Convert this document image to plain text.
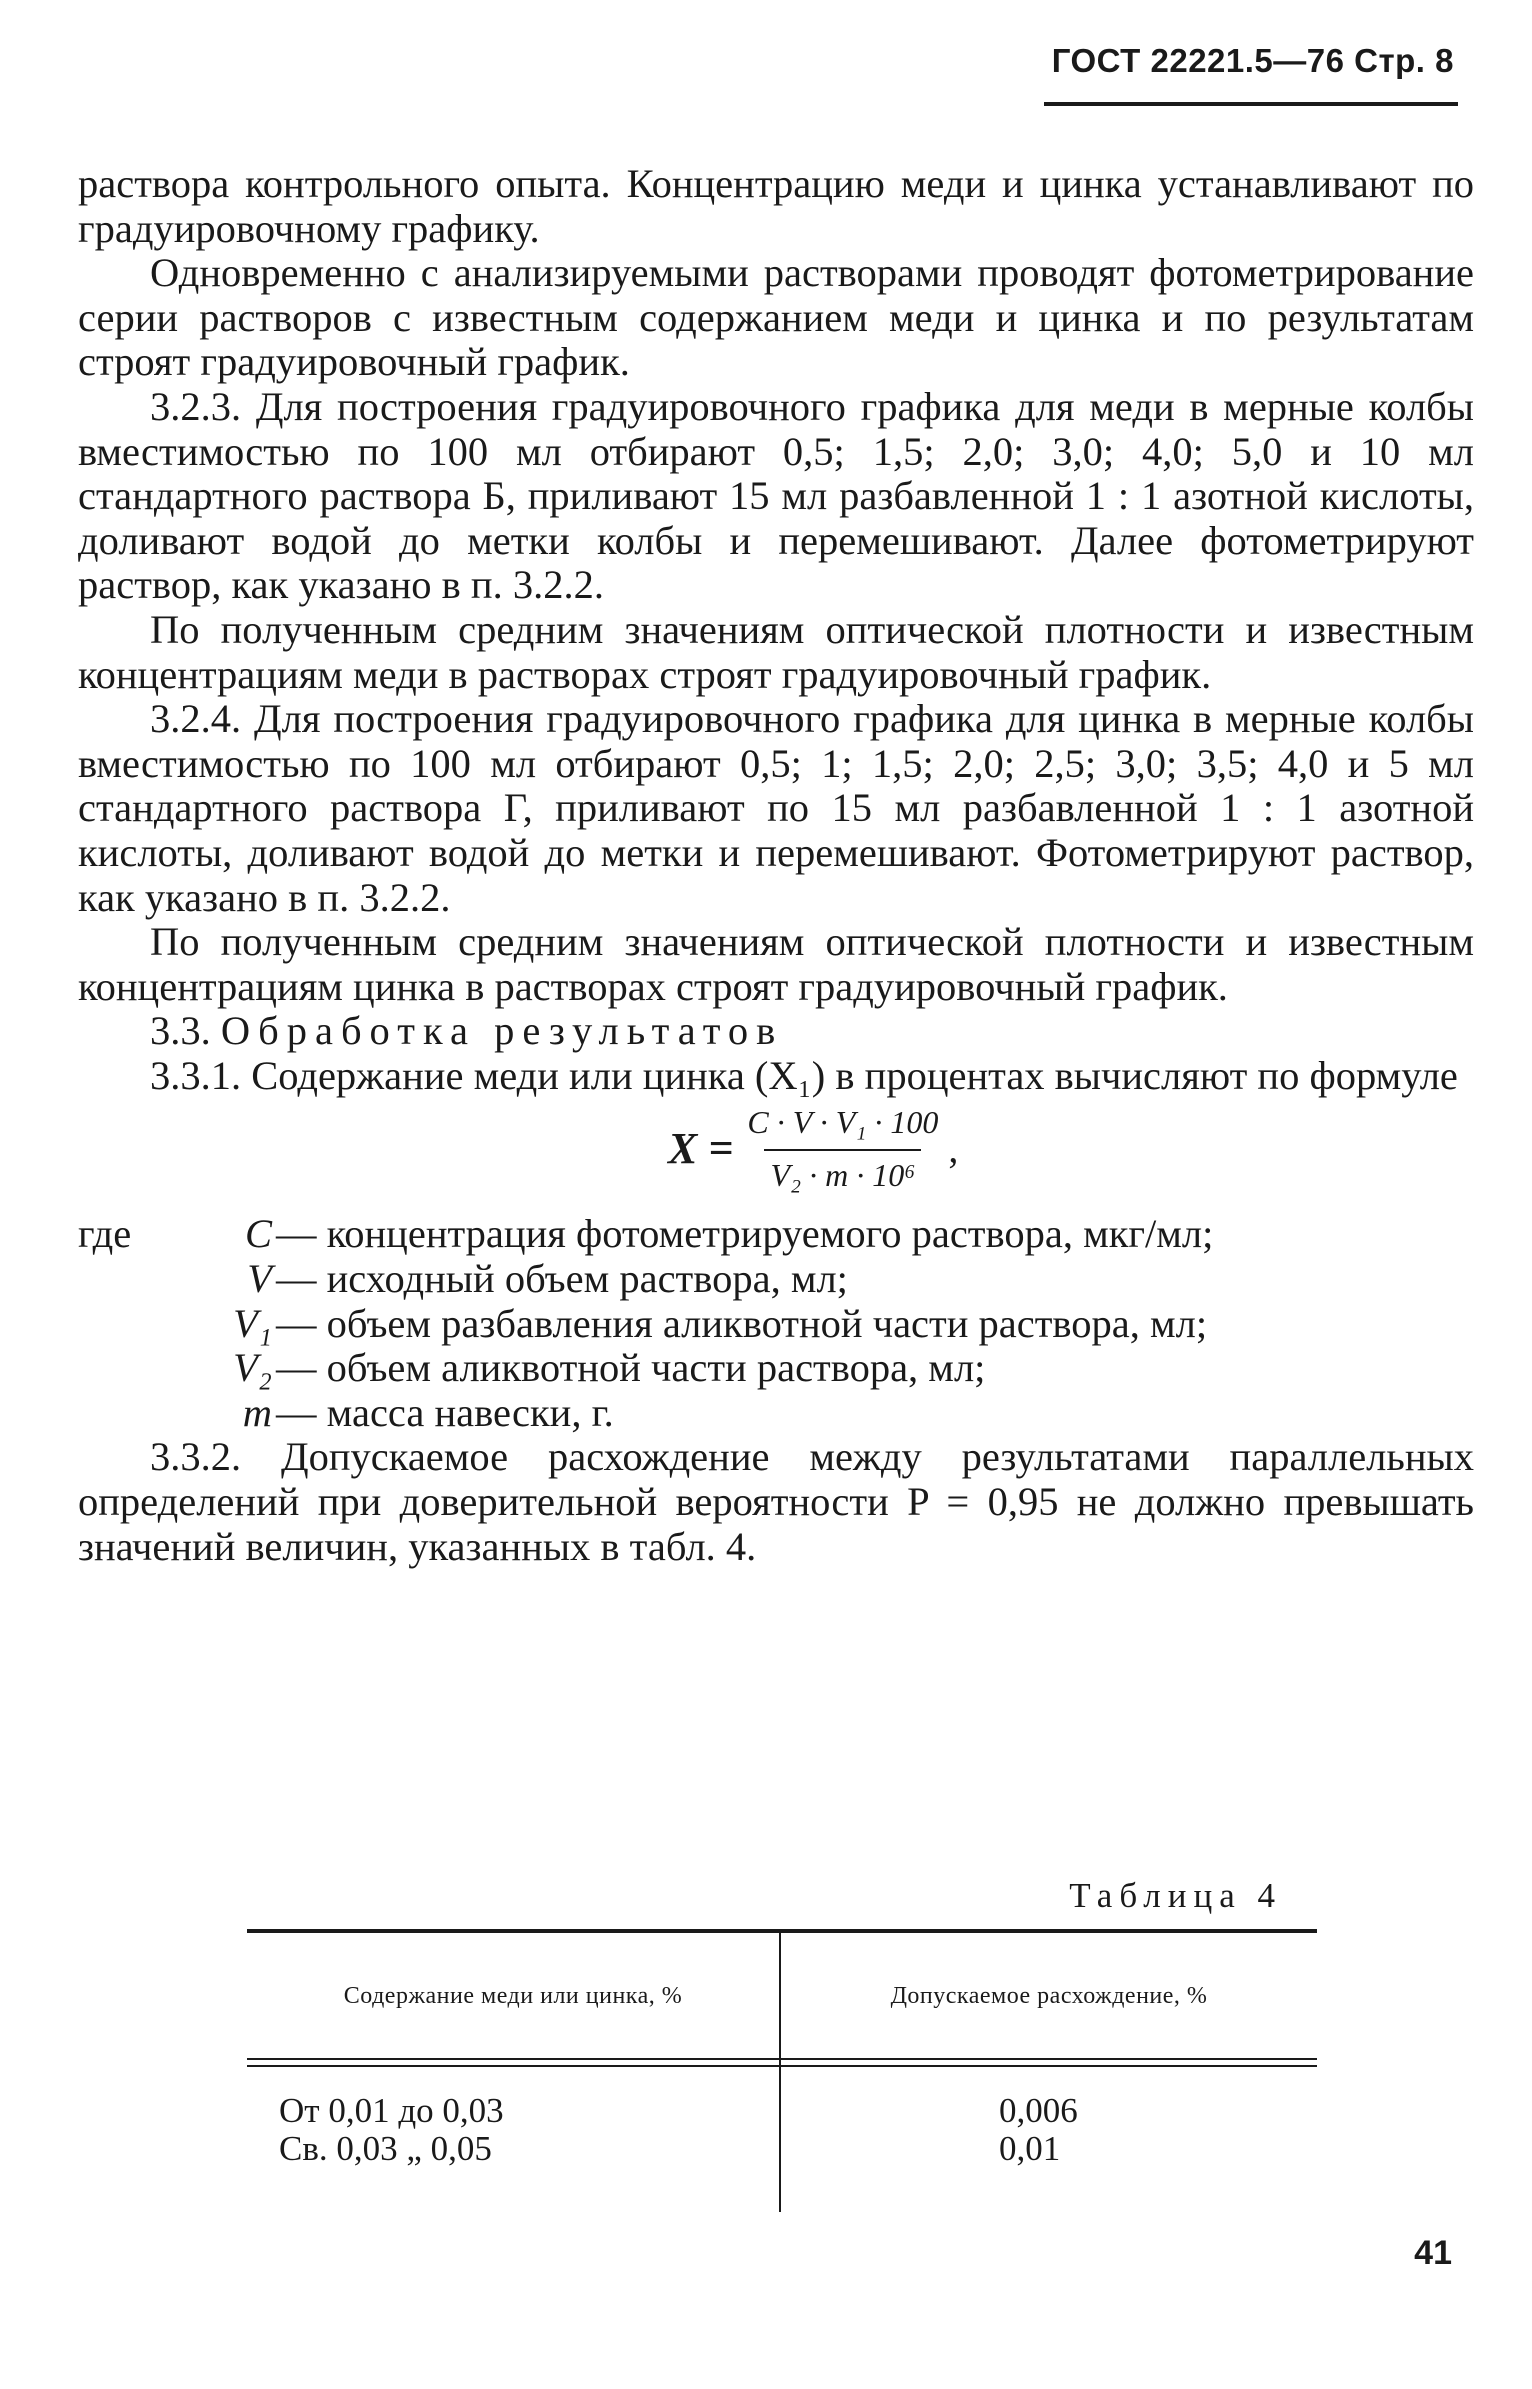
ГОСТ 22221.5—76 Стр. 8

раствора контрольного опыта. Концентрацию меди и цинка устанавливают по градуировочному графику.

Одновременно с анализируемыми растворами проводят фотометрирование серии растворов с известным содержанием меди и цинка и по результатам строят градуировочный график.

3.2.3. Для построения градуировочного графика для меди в мерные колбы вместимостью по 100 мл отбирают 0,5; 1,5; 2,0; 3,0; 4,0; 5,0 и 10 мл стандартного раствора Б, приливают 15 мл разбавленной 1 : 1 азотной кислоты, доливают водой до метки колбы и перемешивают. Далее фотометрируют раствор, как указано в п. 3.2.2.

По полученным средним значениям оптической плотности и известным концентрациям меди в растворах строят градуировочный график.

3.2.4. Для построения градуировочного графика для цинка в мерные колбы вместимостью по 100 мл отбирают 0,5; 1; 1,5; 2,0; 2,5; 3,0; 3,5; 4,0 и 5 мл стандартного раствора Г, приливают по 15 мл разбавленной 1 : 1 азотной кислоты, доливают водой до метки и перемешивают. Фотометрируют раствор, как указано в п. 3.2.2.

По полученным средним значениям оптической плотности и известным концентрациям цинка в растворах строят градуировочный график.

3.3. Обработка результатов

3.3.1. Содержание меди или цинка (X₁) в процентах вычисляют по формуле

$X = \frac{\text{C · V · V₁ · 100}}{\text{V₂ · m · 10⁶}}$ ,
где	C — концентрация фотометрируемого раствора, мкг/мл;
V — исходный объем раствора, мл;
V₁ — объем разбавления аликвотной части раствора, мл;
V₂ — объем аликвотной части раствора, мл;
m — масса навески, г.

3.3.2. Допускаемое расхождение между результатами параллельных определений при доверительной вероятности P = 0,95 не должно превышать значений величин, указанных в табл. 4.

Таблица 4
Содержание меди или цинка, %	Допускаемое расхождение, %
От 0,01 до 0,03
Св. 0,03 „ 0,05
0,006
0,01
41
